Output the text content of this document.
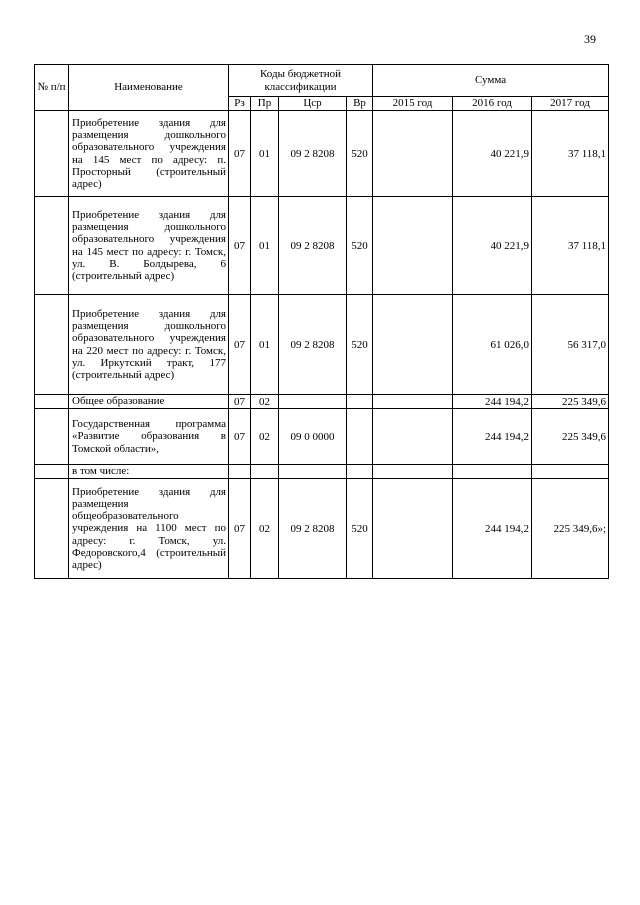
39
№ п/п	Наименование	Коды бюджетной классификации				Сумма		
		Рз	Пр	Цср	Вр	2015 год	2016 год	2017 год
	Приобретение здания для размещения дошкольного образовательного учреждения на 145 мест по адресу: п. Просторный (строительный адрес)	07	01	09 2 8208	520		40 221,9	37 118,1
	Приобретение здания для размещения дошкольного образовательного учреждения на 145 мест по адресу: г. Томск, ул. В. Болдырева, 6 (строительный адрес)	07	01	09 2 8208	520		40 221,9	37 118,1
	Приобретение здания для размещения дошкольного образовательного учреждения на 220 мест по адресу: г. Томск, ул. Иркутский тракт, 177 (строительный адрес)	07	01	09 2 8208	520		61 026,0	56 317,0
	Общее образование	07	02				244 194,2	225 349,6
	Государственная программа «Развитие образования в Томской области»,	07	02	09 0 0000			244 194,2	225 349,6
	в том числе:							
	Приобретение здания для размещения общеобразовательного учреждения на 1100 мест по адресу: г. Томск, ул. Федоровского,4 (строительный адрес)	07	02	09 2 8208	520		244 194,2	225 349,6»;
